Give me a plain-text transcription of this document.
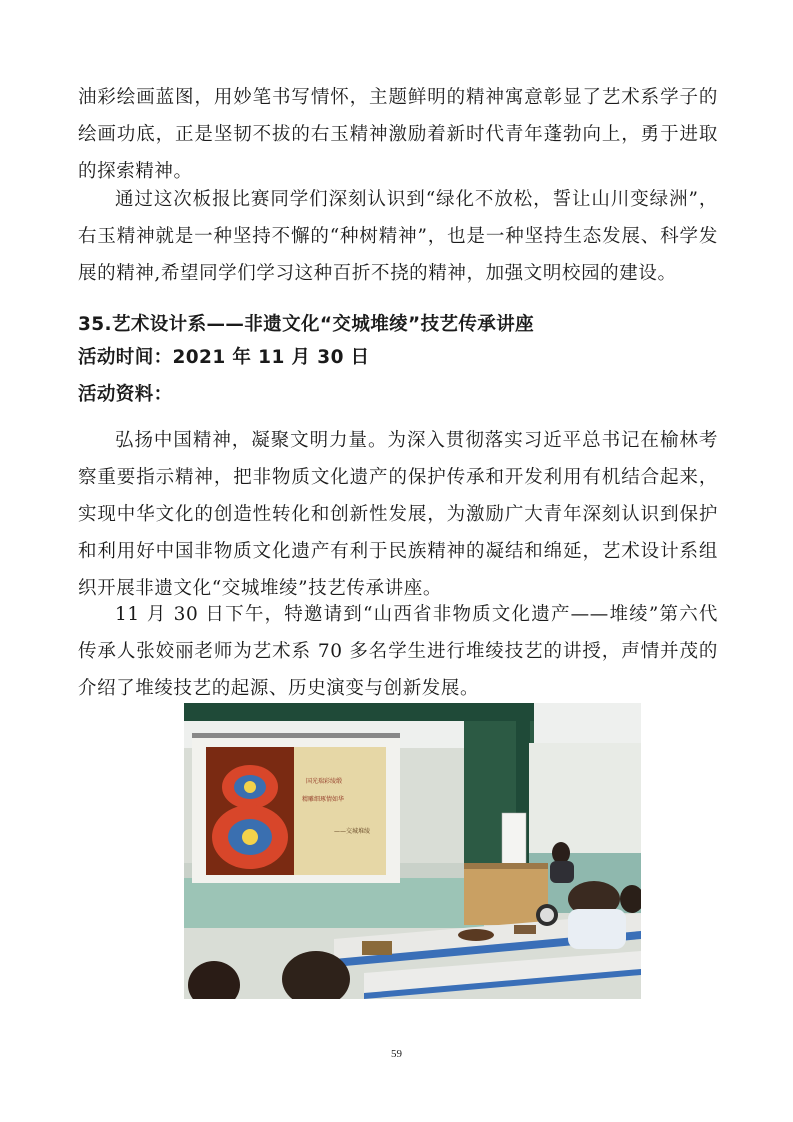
油彩绘画蓝图，用妙笔书写情怀，主题鲜明的精神寓意彰显了艺术系学子的绘画功底，正是坚韧不拔的右玉精神激励着新时代青年蓬勃向上，勇于进取的探索精神。

通过这次板报比赛同学们深刻认识到“绿化不放松，誓让山川变绿洲”，右玉精神就是一种坚持不懈的“种树精神”，也是一种坚持生态发展、科学发展的精神,希望同学们学习这种百折不挠的精神，加强文明校园的建设。

35.艺术设计系——非遗文化“交城堆绫”技艺传承讲座
活动时间：2021 年 11 月 30 日
活动资料：

弘扬中国精神，凝聚文明力量。为深入贯彻落实习近平总书记在榆林考察重要指示精神，把非物质文化遗产的保护传承和开发利用有机结合起来，实现中华文化的创造性转化和创新性发展，为激励广大青年深刻认识到保护和利用好中国非物质文化遗产有利于民族精神的凝结和绵延，艺术设计系组织开展非遗文化“交城堆绫”技艺传承讲座。

11 月 30 日下午，特邀请到“山西省非物质文化遗产——堆绫”第六代传承人张姣丽老师为艺术系 70 多名学生进行堆绫技艺的讲授，声情并茂的介绍了堆绫技艺的起源、历史演变与创新发展。

国光瑞彩绫缎
精雕细琢情如华
——交城堆绫
59
